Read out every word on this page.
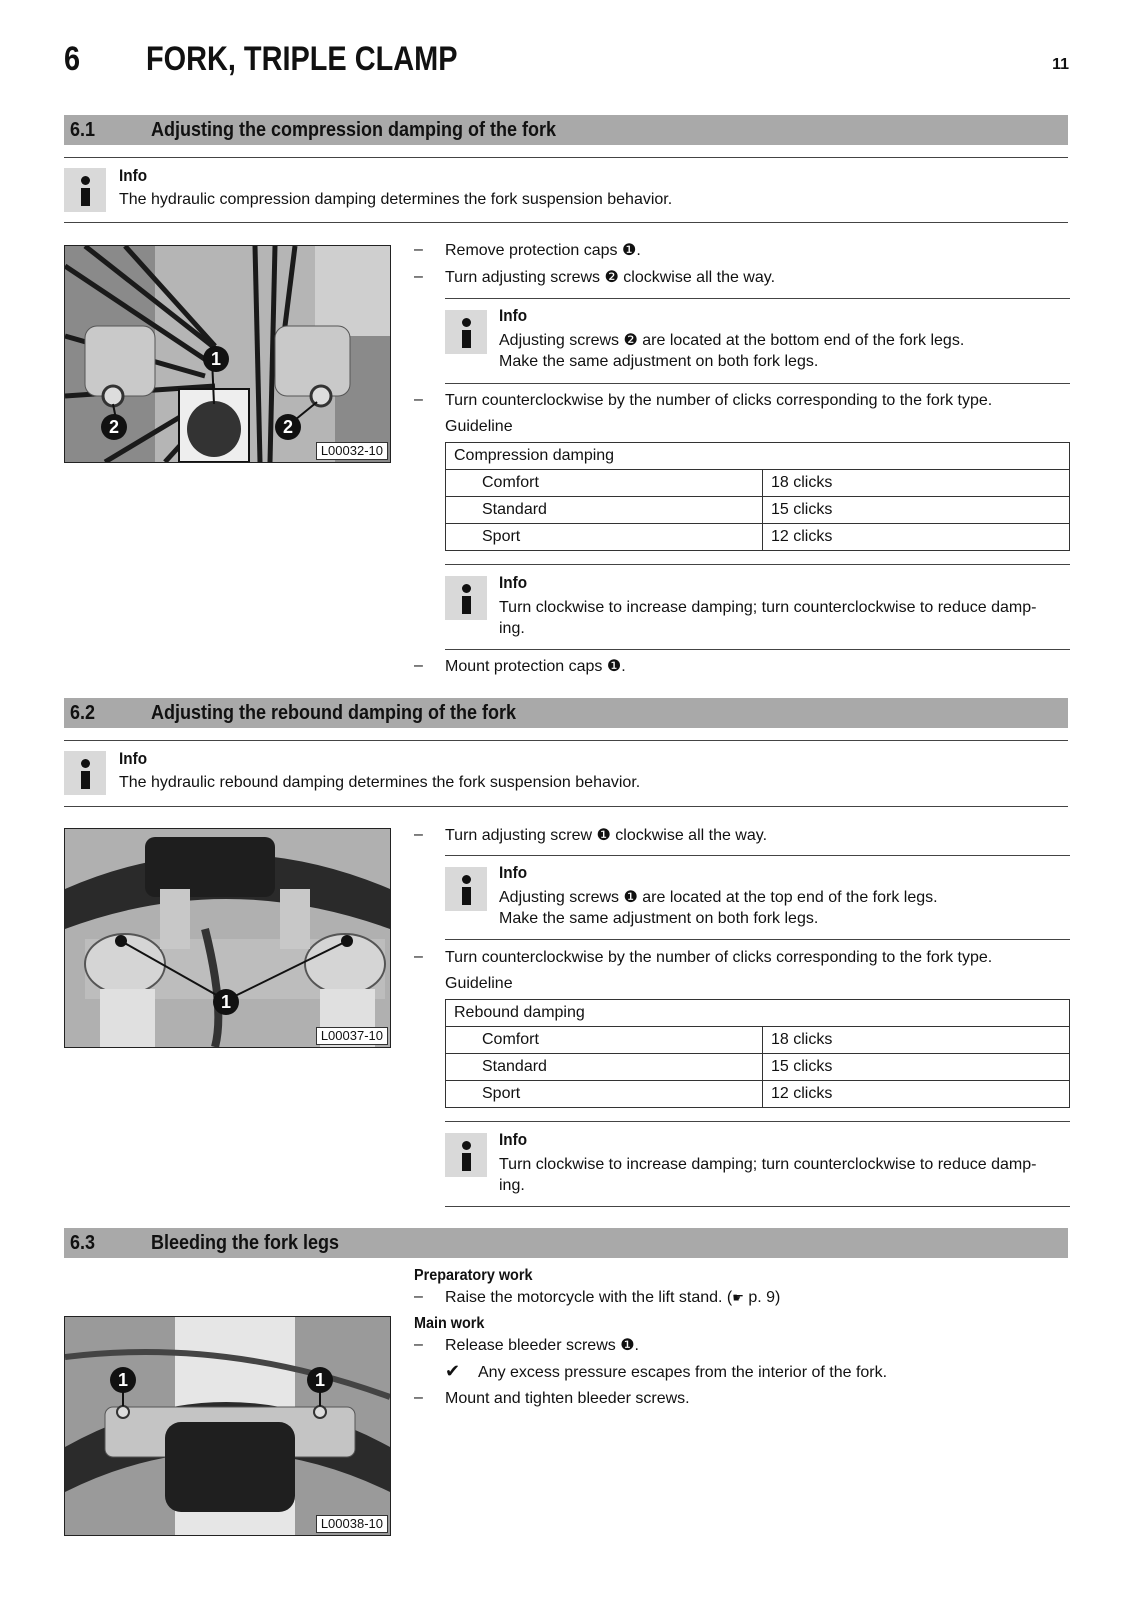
6 FORK, TRIPLE CLAMP	11
6.1	Adjusting the compression damping of the fork
Info
The hydraulic compression damping determines the fork suspension behavior.
1
2	2
L00032-10
– Remove protection caps ❶.
– Turn adjusting screws ❷ clockwise all the way.
Info
Adjusting screws ❷ are located at the bottom end of the fork legs.
Make the same adjustment on both fork legs.
– Turn counterclockwise by the number of clicks corresponding to the fork type.
Guideline
Compression damping	
Comfort	18 clicks
Standard	15 clicks
Sport	12 clicks
Info
Turn clockwise to increase damping; turn counterclockwise to reduce damp-
ing.
– Mount protection caps ❶.
6.2	Adjusting the rebound damping of the fork
Info
The hydraulic rebound damping determines the fork suspension behavior.
1
L00037-10
– Turn adjusting screw ❶ clockwise all the way.
Info
Adjusting screws ❶ are located at the top end of the fork legs.
Make the same adjustment on both fork legs.
– Turn counterclockwise by the number of clicks corresponding to the fork type.
Guideline
Rebound damping	
Comfort	18 clicks
Standard	15 clicks
Sport	12 clicks
Info
Turn clockwise to increase damping; turn counterclockwise to reduce damp-
ing.
6.3	Bleeding the fork legs
Preparatory work
– Raise the motorcycle with the lift stand. (☛ p. 9)
Main work
– Release bleeder screws ❶.
✔ Any excess pressure escapes from the interior of the fork.
– Mount and tighten bleeder screws.
1	1
L00038-10
